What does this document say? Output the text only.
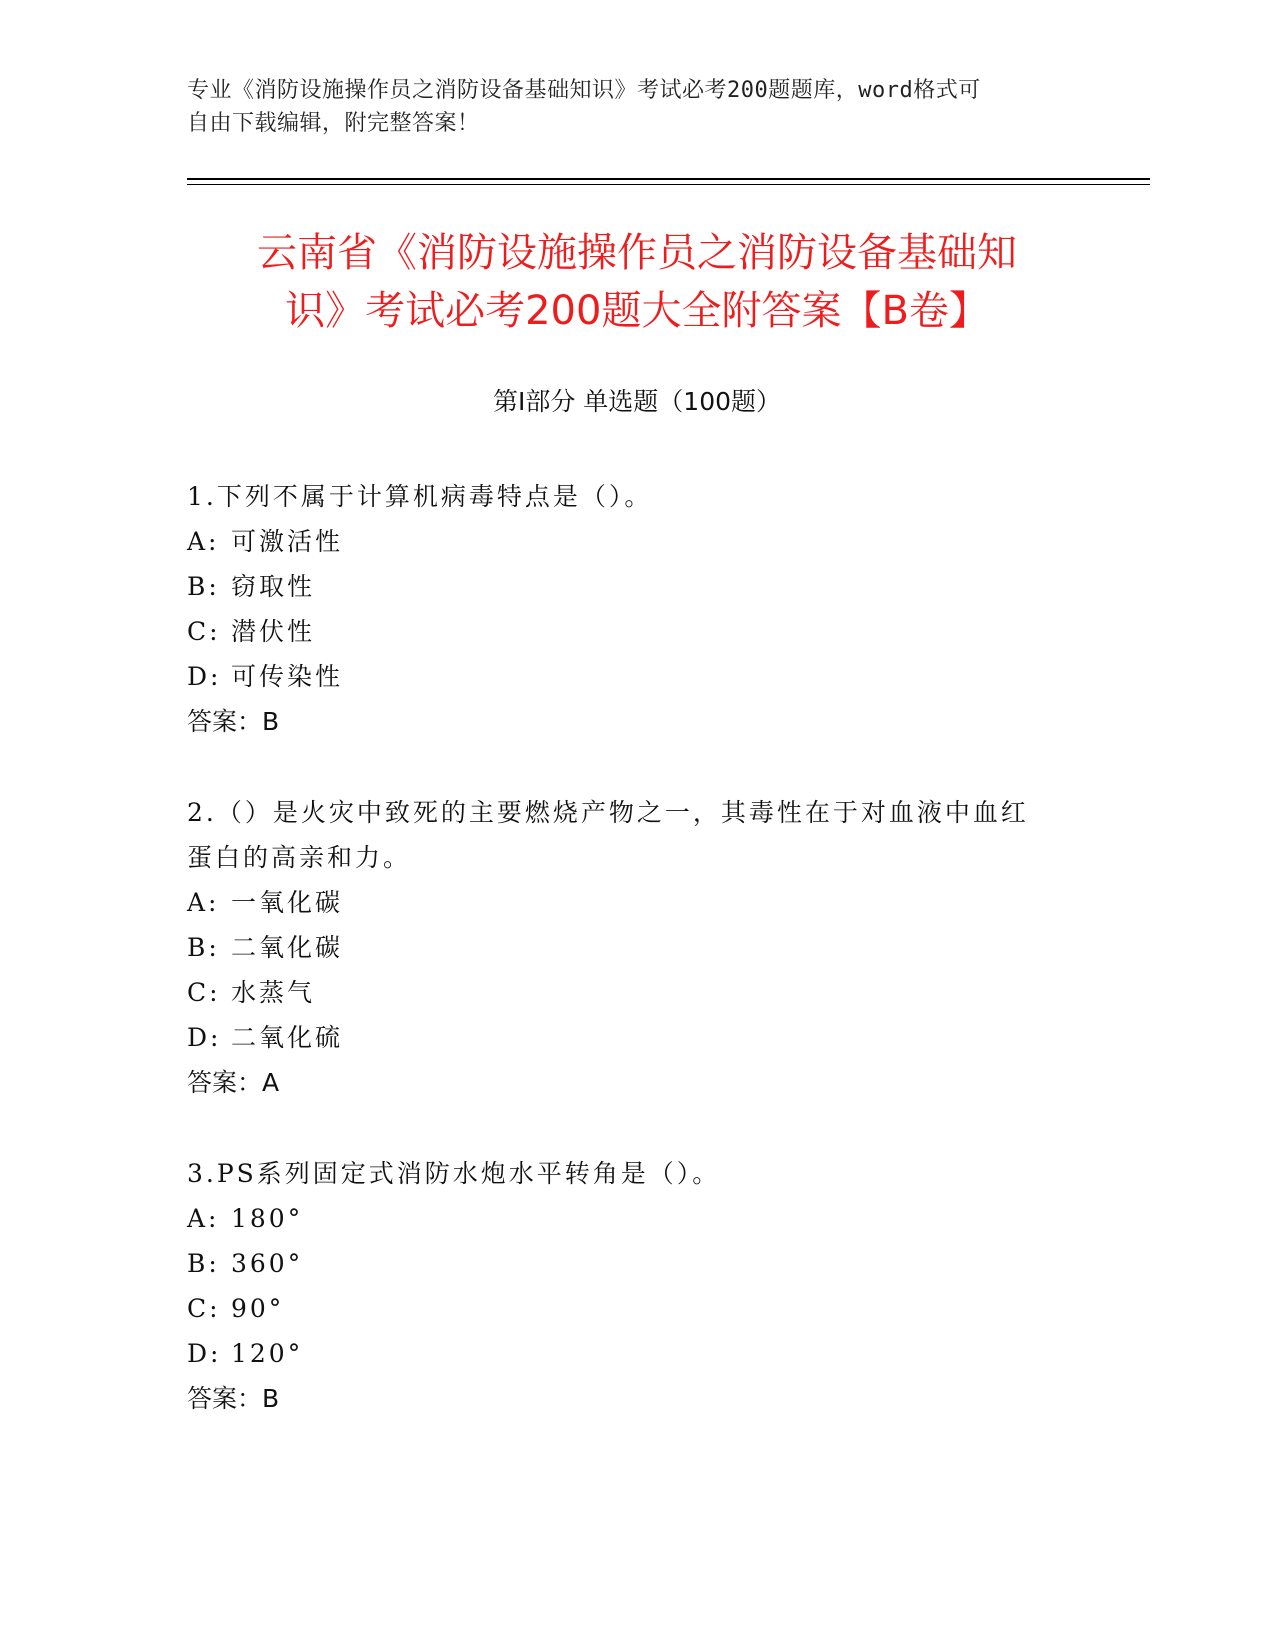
专业《消防设施操作员之消防设备基础知识》考试必考200题题库，word格式可
自由下载编辑，附完整答案！
云南省《消防设施操作员之消防设备基础知
识》考试必考200题大全附答案【B卷】
第Ⅰ部分 单选题（100题）
1.下列不属于计算机病毒特点是（）。
A: 可激活性
B: 窃取性
C: 潜伏性
D: 可传染性
答案：B
2.（）是火灾中致死的主要燃烧产物之一，其毒性在于对血液中血红
蛋白的高亲和力。
A: 一氧化碳
B: 二氧化碳
C: 水蒸气
D: 二氧化硫
答案：A
3.PS系列固定式消防水炮水平转角是（）。
A: 180°
B: 360°
C: 90°
D: 120°
答案：B
